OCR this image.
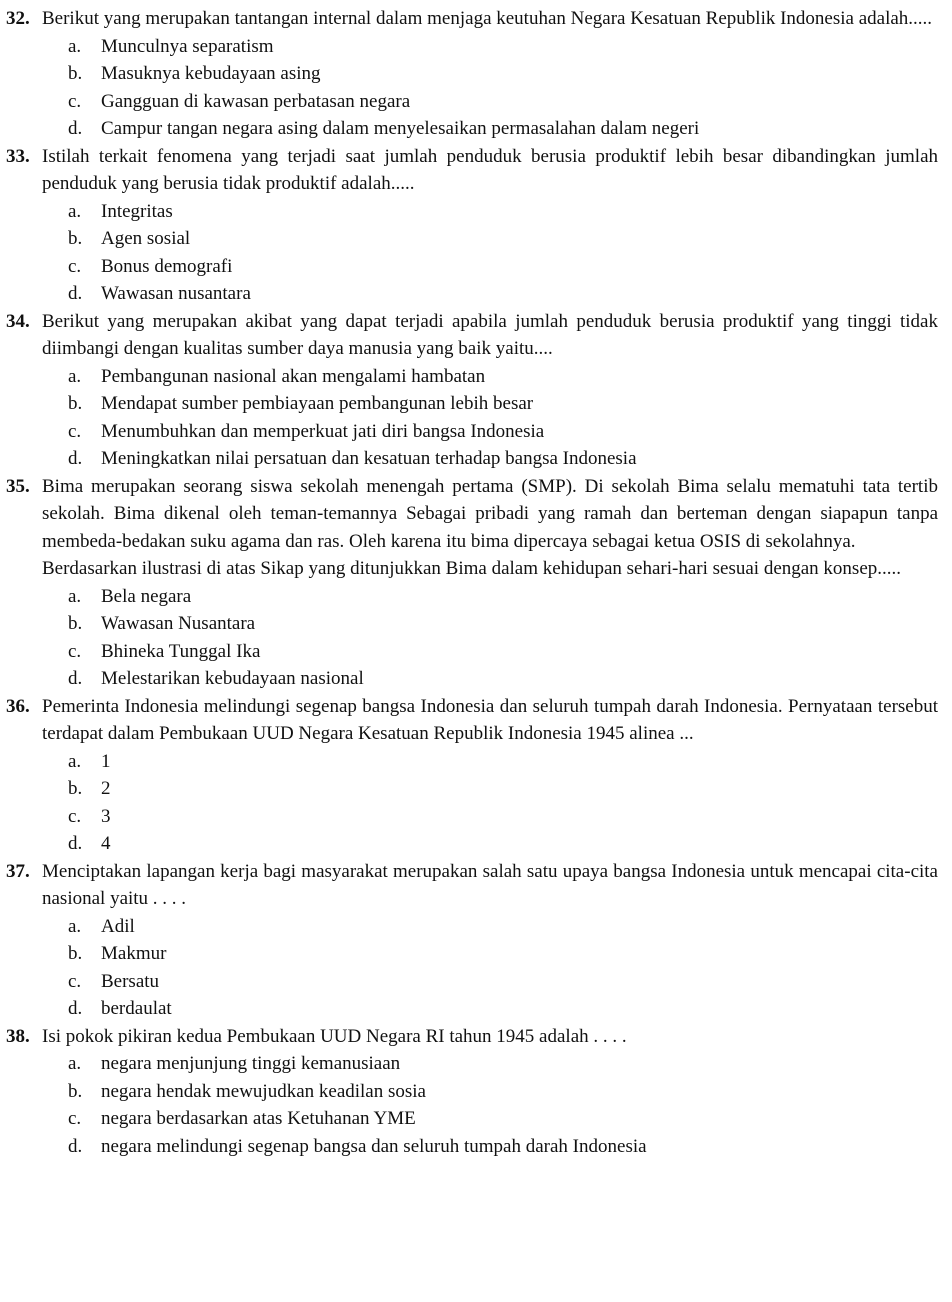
32. Berikut yang merupakan tantangan internal dalam menjaga keutuhan Negara Kesatuan Republik Indonesia adalah.....
a.	Munculnya separatism
b. Masuknya kebudayaan asing
c.	Gangguan di kawasan perbatasan negara
d. Campur tangan negara asing dalam menyelesaikan permasalahan dalam negeri
33. Istilah terkait fenomena yang terjadi saat jumlah penduduk berusia produktif lebih besar dibandingkan jumlah penduduk yang berusia tidak produktif adalah.....
a.	Integritas
b. Agen sosial
c.	Bonus demografi
d. Wawasan nusantara
34. Berikut yang merupakan akibat yang dapat terjadi apabila jumlah penduduk berusia produktif yang tinggi tidak diimbangi dengan kualitas sumber daya manusia yang baik yaitu....
a.	Pembangunan nasional akan mengalami hambatan
b. Mendapat sumber pembiayaan pembangunan lebih besar
c.	Menumbuhkan dan memperkuat jati diri bangsa Indonesia
d. Meningkatkan nilai persatuan dan kesatuan terhadap bangsa Indonesia
35. Bima merupakan seorang siswa sekolah menengah pertama (SMP). Di sekolah Bima selalu mematuhi tata tertib sekolah. Bima dikenal oleh teman-temannya Sebagai pribadi yang ramah dan berteman dengan siapapun tanpa membeda-bedakan suku agama dan ras. Oleh karena itu bima dipercaya sebagai ketua OSIS di sekolahnya.
Berdasarkan ilustrasi di atas Sikap yang ditunjukkan Bima dalam kehidupan sehari-hari sesuai dengan konsep.....
a.	Bela negara
b. Wawasan Nusantara
c.	Bhineka Tunggal Ika
d. Melestarikan kebudayaan nasional
36. Pemerinta Indonesia melindungi segenap bangsa Indonesia dan seluruh tumpah darah Indonesia. Pernyataan tersebut terdapat dalam Pembukaan UUD Negara Kesatuan Republik Indonesia 1945 alinea ...
a.	1
b. 2
c.	3
d. 4
37. Menciptakan lapangan kerja bagi masyarakat merupakan salah satu upaya bangsa Indonesia untuk mencapai cita-cita nasional yaitu . . . .
a.	Adil
b. Makmur
c.	Bersatu
d. berdaulat
38. Isi pokok pikiran kedua Pembukaan UUD Negara RI tahun 1945 adalah . . . .
a.	negara menjunjung tinggi kemanusiaan
b. negara hendak mewujudkan keadilan sosia
c.	negara berdasarkan atas Ketuhanan YME
d. negara melindungi segenap bangsa dan seluruh tumpah darah Indonesia
